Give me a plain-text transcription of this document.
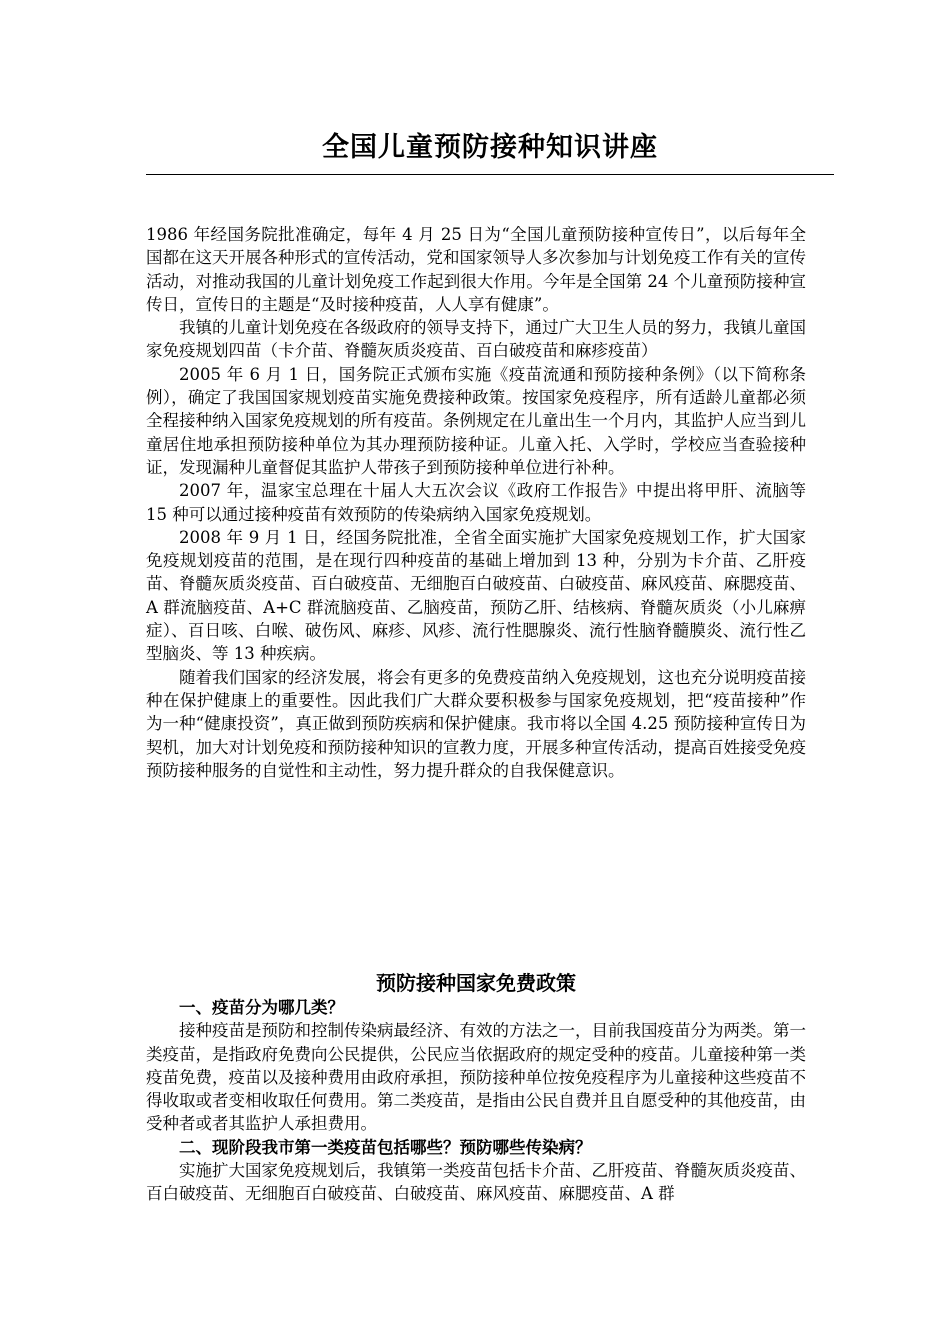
全国儿童预防接种知识讲座

1986 年经国务院批准确定，每年 4 月 25 日为“全国儿童预防接种宣传日”，以后每年全国都在这天开展各种形式的宣传活动，党和国家领导人多次参加与计划免疫工作有关的宣传活动，对推动我国的儿童计划免疫工作起到很大作用。今年是全国第 24 个儿童预防接种宣传日，宣传日的主题是“及时接种疫苗，人人享有健康”。

我镇的儿童计划免疫在各级政府的领导支持下，通过广大卫生人员的努力，我镇儿童国家免疫规划四苗（卡介苗、脊髓灰质炎疫苗、百白破疫苗和麻疹疫苗）

2005 年 6 月 1 日，国务院正式颁布实施《疫苗流通和预防接种条例》（以下简称条例），确定了我国国家规划疫苗实施免费接种政策。按国家免疫程序，所有适龄儿童都必须全程接种纳入国家免疫规划的所有疫苗。条例规定在儿童出生一个月内，其监护人应当到儿童居住地承担预防接种单位为其办理预防接种证。儿童入托、入学时，学校应当查验接种证，发现漏种儿童督促其监护人带孩子到预防接种单位进行补种。

2007 年，温家宝总理在十届人大五次会议《政府工作报告》中提出将甲肝、流脑等 15 种可以通过接种疫苗有效预防的传染病纳入国家免疫规划。

2008 年 9 月 1 日，经国务院批准，全省全面实施扩大国家免疫规划工作，扩大国家免疫规划疫苗的范围，是在现行四种疫苗的基础上增加到 13 种，分别为卡介苗、乙肝疫苗、脊髓灰质炎疫苗、百白破疫苗、无细胞百白破疫苗、白破疫苗、麻风疫苗、麻腮疫苗、A 群流脑疫苗、A+C 群流脑疫苗、乙脑疫苗，预防乙肝、结核病、脊髓灰质炎（小儿麻痹症）、百日咳、白喉、破伤风、麻疹、风疹、流行性腮腺炎、流行性脑脊髓膜炎、流行性乙型脑炎、等 13 种疾病。

随着我们国家的经济发展，将会有更多的免费疫苗纳入免疫规划，这也充分说明疫苗接种在保护健康上的重要性。因此我们广大群众要积极参与国家免疫规划，把“疫苗接种”作为一种“健康投资”，真正做到预防疾病和保护健康。我市将以全国 4.25 预防接种宣传日为契机，加大对计划免疫和预防接种知识的宣教力度，开展多种宣传活动，提高百姓接受免疫预防接种服务的自觉性和主动性，努力提升群众的自我保健意识。

预防接种国家免费政策

一、疫苗分为哪几类？

接种疫苗是预防和控制传染病最经济、有效的方法之一，目前我国疫苗分为两类。第一类疫苗，是指政府免费向公民提供，公民应当依据政府的规定受种的疫苗。儿童接种第一类疫苗免费，疫苗以及接种费用由政府承担，预防接种单位按免疫程序为儿童接种这些疫苗不得收取或者变相收取任何费用。第二类疫苗，是指由公民自费并且自愿受种的其他疫苗，由受种者或者其监护人承担费用。

二、现阶段我市第一类疫苗包括哪些？预防哪些传染病？

实施扩大国家免疫规划后，我镇第一类疫苗包括卡介苗、乙肝疫苗、脊髓灰质炎疫苗、百白破疫苗、无细胞百白破疫苗、白破疫苗、麻风疫苗、麻腮疫苗、A 群
